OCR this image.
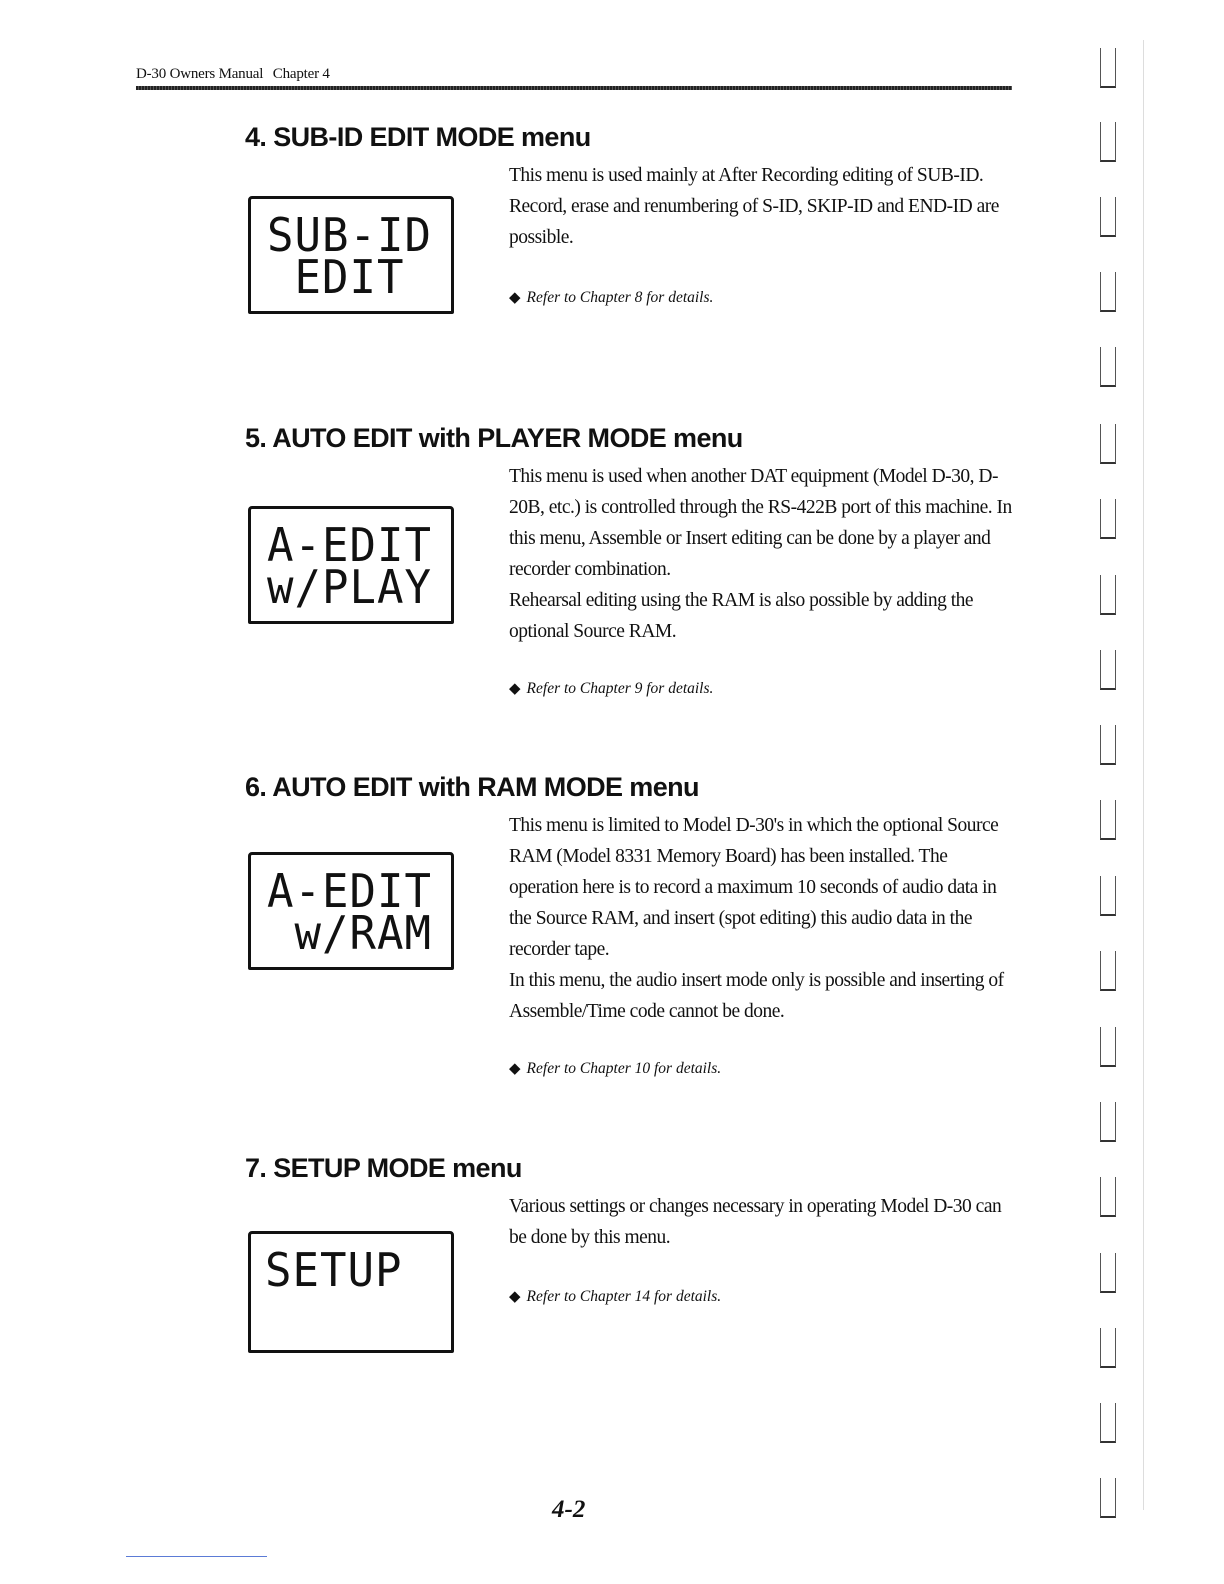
D-30 Owners Manual Chapter 4
4. SUB-ID EDIT MODE menu
SUB-ID
EDIT

This menu is used mainly at After Recording editing of SUB-ID. Record, erase and renumbering of S-ID, SKIP-ID and END-ID are possible.

◆ Refer to Chapter 8 for details.
5. AUTO EDIT with PLAYER MODE menu
A-EDIT
w/PLAY

This menu is used when another DAT equipment (Model D-30, D-20B, etc.) is controlled through the RS-422B port of this machine. In this menu, Assemble or Insert editing can be done by a player and recorder combination.

Rehearsal editing using the RAM is also possible by adding the optional Source RAM.

◆ Refer to Chapter 9 for details.
6. AUTO EDIT with RAM MODE menu
A-EDIT
w/RAM

This menu is limited to Model D-30's in which the optional Source RAM (Model 8331 Memory Board) has been installed. The operation here is to record a maximum 10 seconds of audio data in the Source RAM, and insert (spot editing) this audio data in the recorder tape.

In this menu, the audio insert mode only is possible and inserting of Assemble/Time code cannot be done.

◆ Refer to Chapter 10 for details.
7. SETUP MODE menu
SETUP

Various settings or changes necessary in operating Model D-30 can be done by this menu.

◆ Refer to Chapter 14 for details.
4-2
